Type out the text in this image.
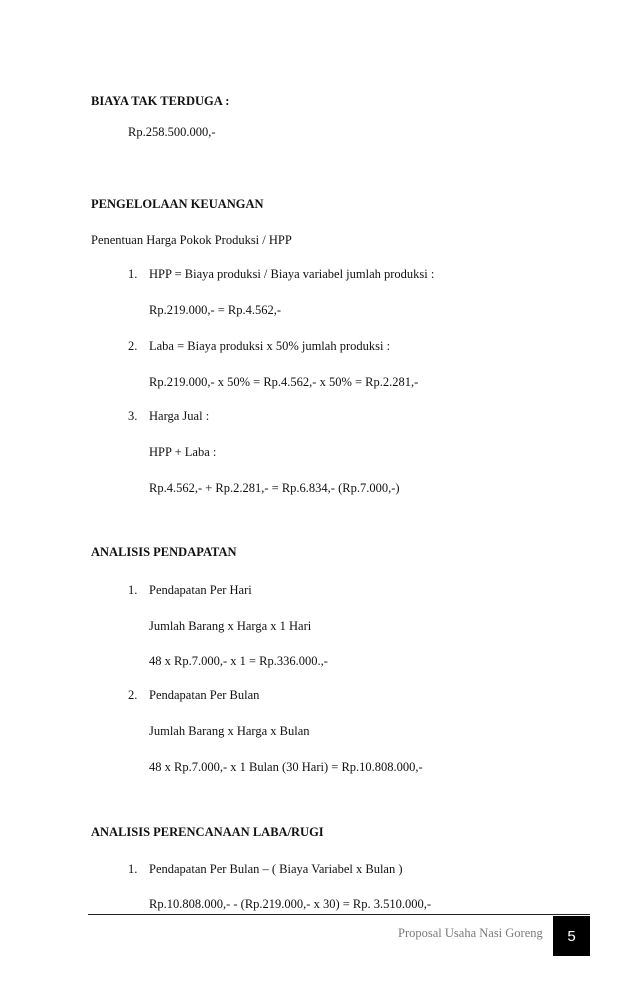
BIAYA TAK TERDUGA :
Rp.258.500.000,-
PENGELOLAAN KEUANGAN
Penentuan Harga Pokok Produksi / HPP
1. HPP = Biaya produksi / Biaya variabel jumlah produksi :
Rp.219.000,- = Rp.4.562,-
2. Laba = Biaya produksi x 50% jumlah produksi :
Rp.219.000,- x 50% = Rp.4.562,- x 50% = Rp.2.281,-
3. Harga Jual :
HPP + Laba :
Rp.4.562,- + Rp.2.281,- = Rp.6.834,- (Rp.7.000,-)
ANALISIS PENDAPATAN
1. Pendapatan Per Hari
Jumlah Barang x Harga x 1 Hari
48 x Rp.7.000,- x 1 = Rp.336.000.,-
2. Pendapatan Per Bulan
Jumlah Barang x Harga x Bulan
48 x Rp.7.000,- x 1 Bulan (30 Hari) = Rp.10.808.000,-
ANALISIS PERENCANAAN LABA/RUGI
1. Pendapatan Per Bulan – ( Biaya Variabel x Bulan )
Rp.10.808.000,- - (Rp.219.000,- x 30) = Rp. 3.510.000,-
Proposal Usaha Nasi Goreng 5
